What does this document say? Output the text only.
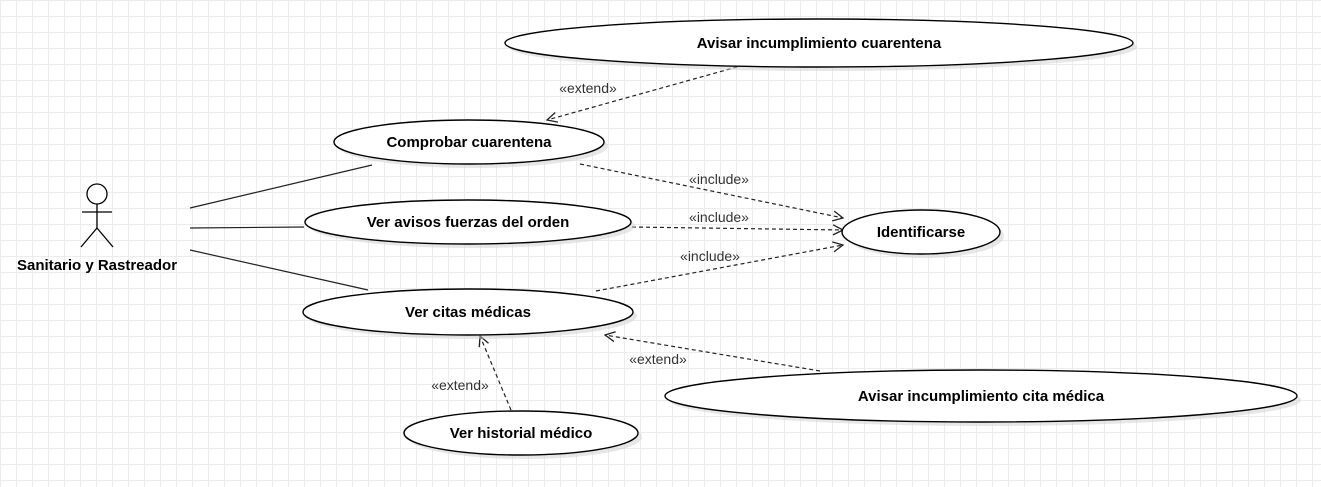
Sanitario y Rastreador
«extend»
«include»
«include»
«include»
«extend»
«extend»
Avisar incumplimiento cuarentena
Comprobar cuarentena
Ver avisos fuerzas del orden
Identificarse
Ver citas médicas
Avisar incumplimiento cita médica
Ver historial médico
